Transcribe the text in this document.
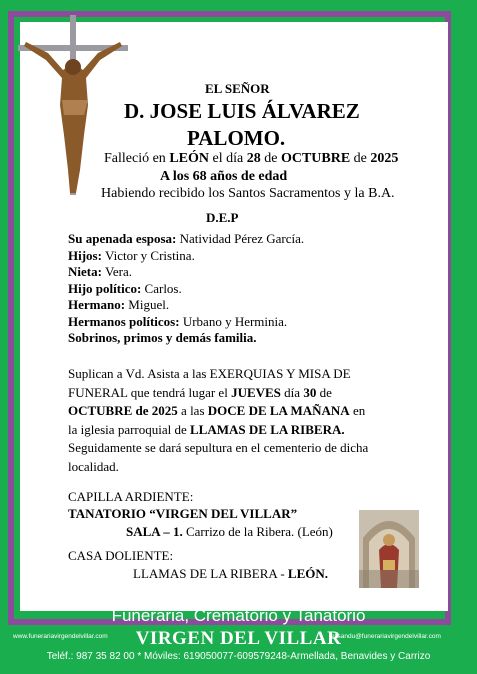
EL SEÑOR
D. JOSE LUIS ÁLVAREZ
PALOMO.
Falleció en LEÓN el día 28 de OCTUBRE de 2025
A los 68 años de edad
Habiendo recibido los Santos Sacramentos y la B.A.
D.E.P
Su apenada esposa: Natividad Pérez García.
Hijos: Victor y Cristina.
Nieta: Vera.
Hijo político: Carlos.
Hermano: Miguel.
Hermanos políticos: Urbano y Herminia.
Sobrinos, primos y demás familia.
Suplican a Vd. Asista a las EXERQUIAS Y MISA DE
FUNERAL que tendrá lugar el JUEVES día 30 de
OCTUBRE de 2025 a las DOCE DE LA MAÑANA en
la iglesia parroquial de LLAMAS DE LA RIBERA.
Seguidamente se dará sepultura en el cementerio de dicha
localidad.
CAPILLA ARDIENTE:
TANATORIO “VIRGEN DEL VILLAR”
SALA – 1. Carrizo de la Ribera. (León)
CASA DOLIENTE:
LLAMAS DE LA RIBERA - LEÓN.
Funeraria, Crematorio y Tanatorio
www.funerariavirgendelvillar.com	VIRGEN DEL VILLAR
elisandu@funerariavirgendelvillar.com
Teléf.: 987 35 82 00 * Móviles: 619050077-609579248-Armellada, Benavides y Carrizo
